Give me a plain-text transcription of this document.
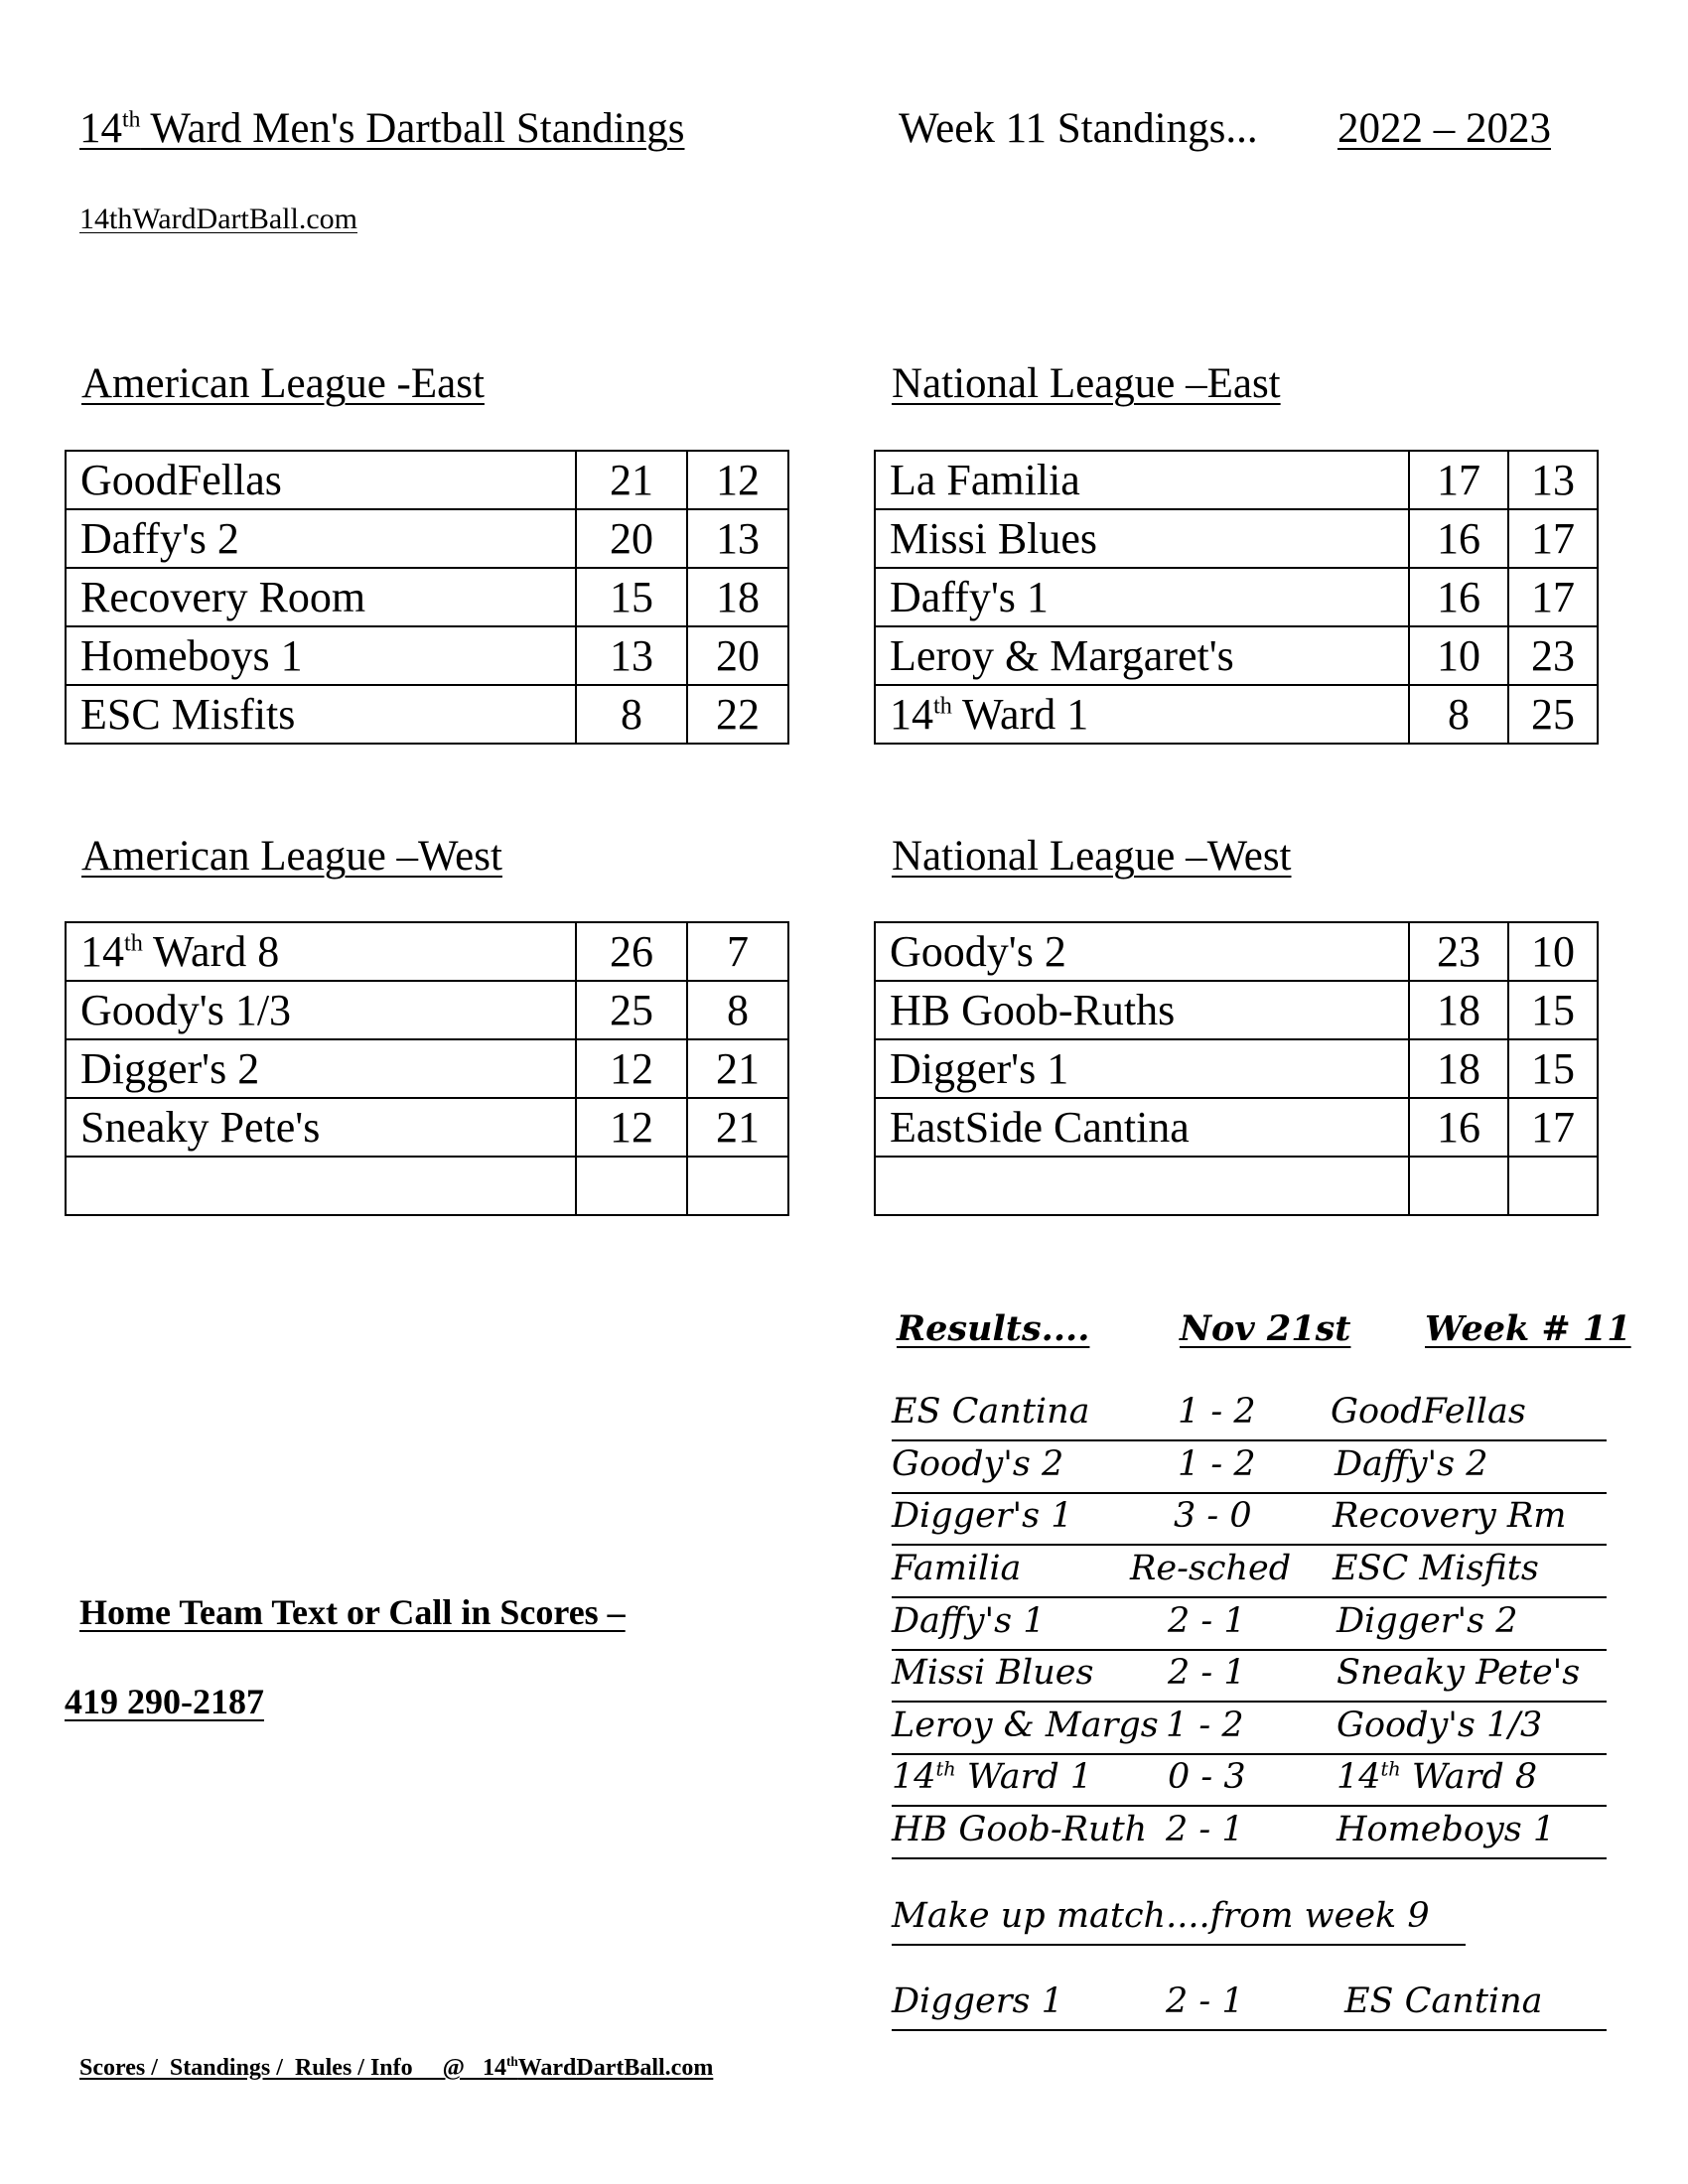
14th Ward Men's Dartball Standings	Week 11 Standings... 2022 – 2023
14thWardDartBall.com
American League -East
GoodFellas	21	12
Daffy's 2	20	13
Recovery Room	15	18
Homeboys 1	13	20
ESC Misfits	8	22
National League –East
La Familia	17	13
Missi Blues	16	17
Daffy's 1	16	17
Leroy & Margaret's	10	23
14th Ward 1	8	25
American League –West
14th Ward 8	26	7
Goody's 1/3	25	8
Digger's 2	12	21
Sneaky Pete's	12	21

National League –West
Goody's 2	23	10
HB Goob-Ruths	18	15
Digger's 1	18	15
EastSide Cantina	16	17

Results....	Nov 21st Week # 11
ES Cantina	1 - 2 GoodFellas
Goody's 2	1 - 2 Daffy's 2
Digger's 1	3 - 0 Recovery Rm
Familia	Re-sched ESC Misfits
Daffy's 1	2 - 1	Digger's 2
Missi Blues 2 - 1	Sneaky Pete's
Leroy & Margs 1 - 2	Goody's 1/3
14th Ward 1 0 - 3	14th Ward 8
HB Goob-Ruth 2 - 1	Homeboys 1
Make up match....from week 9
Diggers 1	2 - 1	ES Cantina
Home Team Text or Call in Scores –
419 290-2187
Scores /  Standings /  Rules / Info     @   14thWardDartBall.com
